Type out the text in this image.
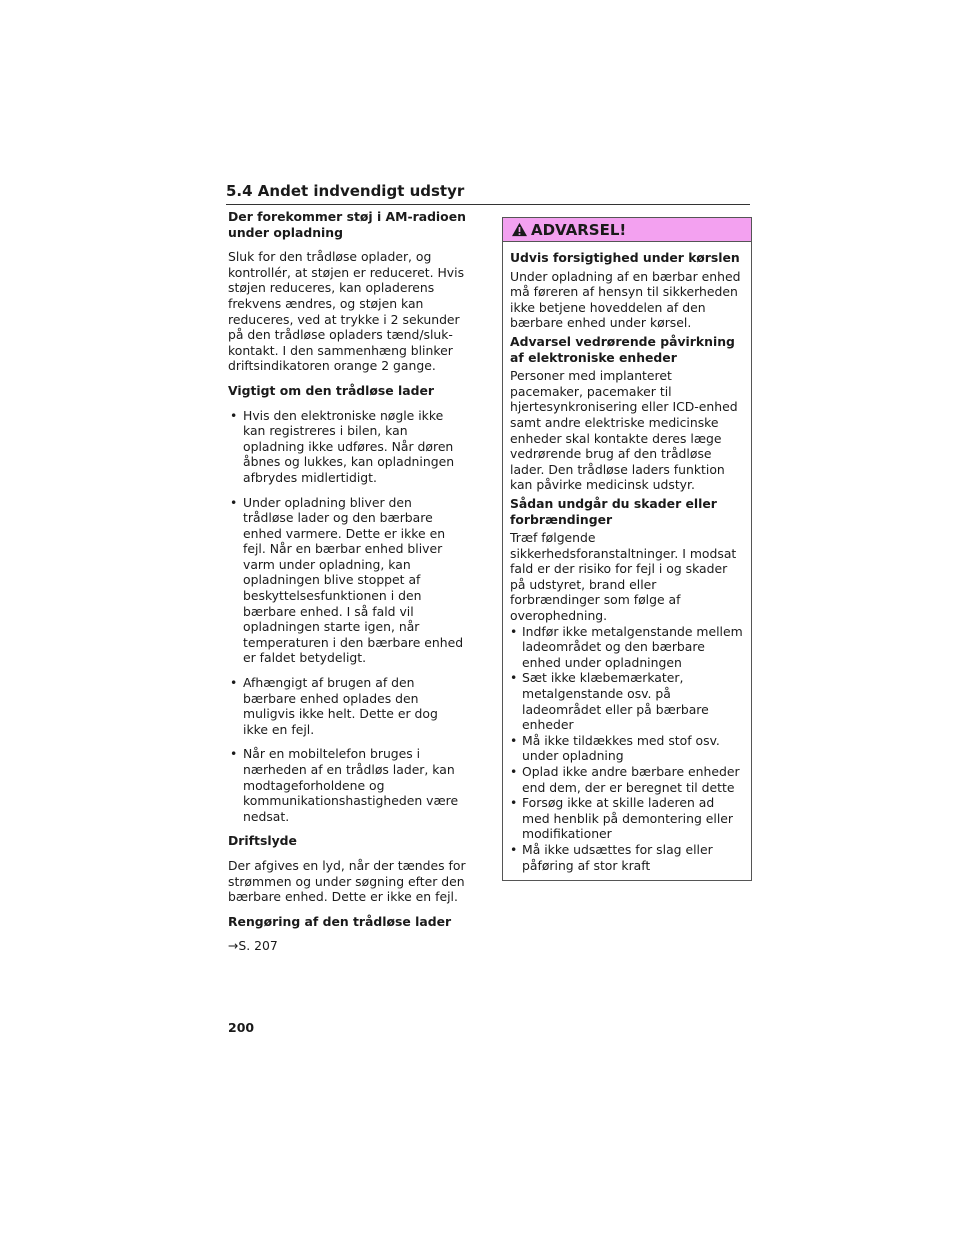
5.4 Andet indvendigt udstyr

Der forekommer støj i AM-radioen under opladning

Sluk for den trådløse oplader, og kontrollér, at støjen er reduceret. Hvis støjen reduceres, kan opladerens frekvens ændres, og støjen kan reduceres, ved at trykke i 2 sekunder på den trådløse opladers tænd/sluk-kontakt. I den sammenhæng blinker driftsindikatoren orange 2 gange.

Vigtigt om den trådløse lader

• Hvis den elektroniske nøgle ikke kan registreres i bilen, kan opladning ikke udføres. Når døren åbnes og lukkes, kan opladningen afbrydes midlertidigt.
• Under opladning bliver den trådløse lader og den bærbare enhed varmere. Dette er ikke en fejl. Når en bærbar enhed bliver varm under opladning, kan opladningen blive stoppet af beskyttelsesfunktionen i den bærbare enhed. I så fald vil opladningen starte igen, når temperaturen i den bærbare enhed er faldet betydeligt.
• Afhængigt af brugen af den bærbare enhed oplades den muligvis ikke helt. Dette er dog ikke en fejl.
• Når en mobiltelefon bruges i nærheden af en trådløs lader, kan modtageforholdene og kommunikationshastigheden være nedsat.

Driftslyde

Der afgives en lyd, når der tændes for strømmen og under søgning efter den bærbare enhed. Dette er ikke en fejl.

Rengøring af den trådløse lader

→S. 207

ADVARSEL!

Udvis forsigtighed under kørslen

Under opladning af en bærbar enhed må føreren af hensyn til sikkerheden ikke betjene hoveddelen af den bærbare enhed under kørsel.

Advarsel vedrørende påvirkning af elektroniske enheder

Personer med implanteret pacemaker, pacemaker til hjertesynkronisering eller ICD-enhed samt andre elektriske medicinske enheder skal kontakte deres læge vedrørende brug af den trådløse lader. Den trådløse laders funktion kan påvirke medicinsk udstyr.

Sådan undgår du skader eller forbrændinger

Træf følgende sikkerhedsforanstaltninger. I modsat fald er der risiko for fejl i og skader på udstyret, brand eller forbrændinger som følge af overophedning.

• Indfør ikke metalgenstande mellem ladeområdet og den bærbare enhed under opladningen
• Sæt ikke klæbemærkater, metalgenstande osv. på ladeområdet eller på bærbare enheder
• Må ikke tildækkes med stof osv. under opladning
• Oplad ikke andre bærbare enheder end dem, der er beregnet til dette
• Forsøg ikke at skille laderen ad med henblik på demontering eller modifikationer
• Må ikke udsættes for slag eller påføring af stor kraft
200
